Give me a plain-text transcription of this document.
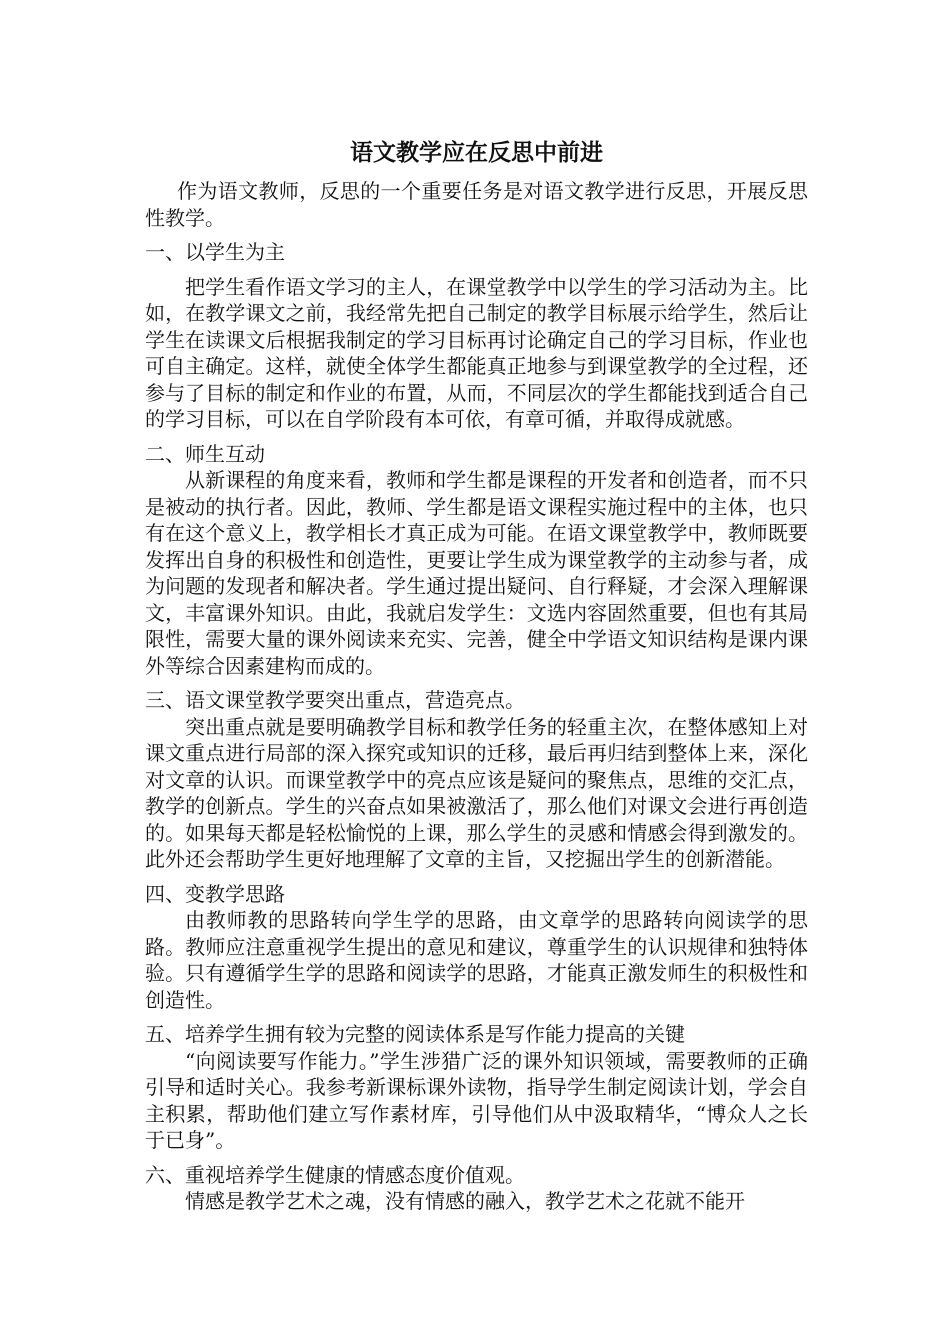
语文教学应在反思中前进

作为语文教师，反思的一个重要任务是对语文教学进行反思，开展反思性教学。

一、以学生为主

把学生看作语文学习的主人，在课堂教学中以学生的学习活动为主。比如，在教学课文之前，我经常先把自己制定的教学目标展示给学生，然后让学生在读课文后根据我制定的学习目标再讨论确定自己的学习目标，作业也可自主确定。这样，就使全体学生都能真正地参与到课堂教学的全过程，还参与了目标的制定和作业的布置，从而，不同层次的学生都能找到适合自己的学习目标，可以在自学阶段有本可依，有章可循，并取得成就感。

二、师生互动

从新课程的角度来看，教师和学生都是课程的开发者和创造者，而不只是被动的执行者。因此，教师、学生都是语文课程实施过程中的主体，也只有在这个意义上，教学相长才真正成为可能。在语文课堂教学中，教师既要发挥出自身的积极性和创造性，更要让学生成为课堂教学的主动参与者，成为问题的发现者和解决者。学生通过提出疑问、自行释疑，才会深入理解课文，丰富课外知识。由此，我就启发学生：文选内容固然重要，但也有其局限性，需要大量的课外阅读来充实、完善，健全中学语文知识结构是课内课外等综合因素建构而成的。

三、语文课堂教学要突出重点，营造亮点。

突出重点就是要明确教学目标和教学任务的轻重主次，在整体感知上对课文重点进行局部的深入探究或知识的迁移，最后再归结到整体上来，深化对文章的认识。而课堂教学中的亮点应该是疑问的聚焦点，思维的交汇点，教学的创新点。学生的兴奋点如果被激活了，那么他们对课文会进行再创造的。如果每天都是轻松愉悦的上课，那么学生的灵感和情感会得到激发的。此外还会帮助学生更好地理解了文章的主旨，又挖掘出学生的创新潜能。

四、变教学思路

由教师教的思路转向学生学的思路，由文章学的思路转向阅读学的思路。教师应注意重视学生提出的意见和建议，尊重学生的认识规律和独特体验。只有遵循学生学的思路和阅读学的思路，才能真正激发师生的积极性和创造性。

五、培养学生拥有较为完整的阅读体系是写作能力提高的关键

“向阅读要写作能力。”学生涉猎广泛的课外知识领域，需要教师的正确引导和适时关心。我参考新课标课外读物，指导学生制定阅读计划，学会自主积累，帮助他们建立写作素材库，引导他们从中汲取精华，“博众人之长于已身”。

六、重视培养学生健康的情感态度价值观。

情感是教学艺术之魂，没有情感的融入，教学艺术之花就不能开
